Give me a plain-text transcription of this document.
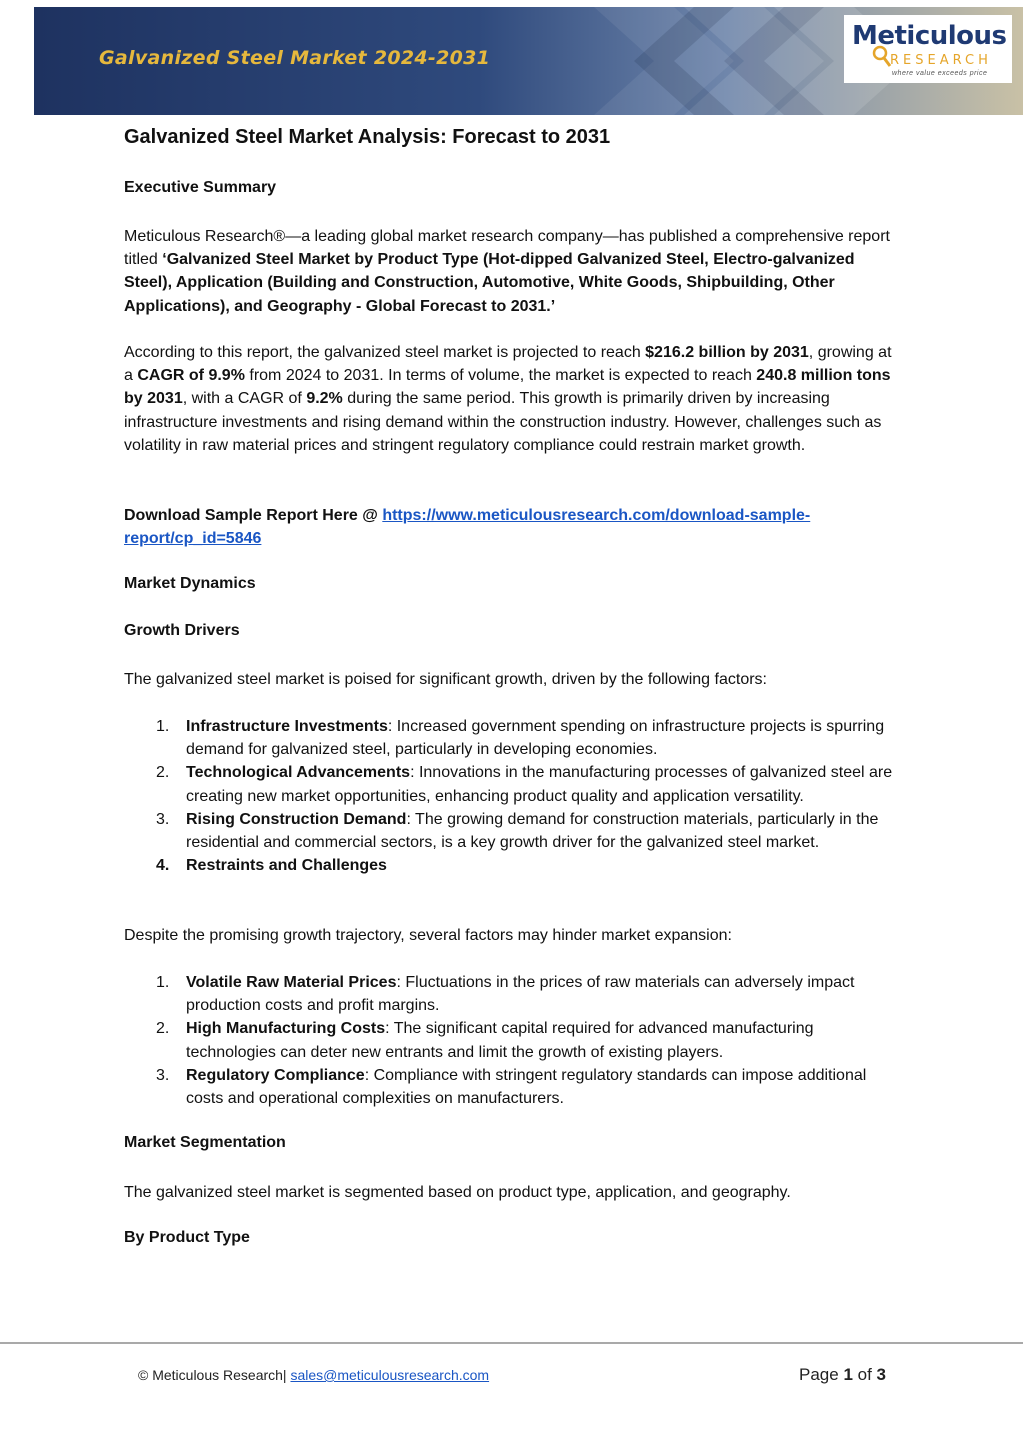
Galvanized Steel Market 2024-2031
Meticulous
RESEARCH
where value exceeds price
Galvanized Steel Market Analysis: Forecast to 2031
Executive Summary

Meticulous Research®—a leading global market research company—has published a comprehensive report titled ‘Galvanized Steel Market by Product Type (Hot-dipped Galvanized Steel, Electro-galvanized Steel), Application (Building and Construction, Automotive, White Goods, Shipbuilding, Other Applications), and Geography - Global Forecast to 2031.’

According to this report, the galvanized steel market is projected to reach $216.2 billion by 2031, growing at a CAGR of 9.9% from 2024 to 2031. In terms of volume, the market is expected to reach 240.8 million tons by 2031, with a CAGR of 9.2% during the same period. This growth is primarily driven by increasing infrastructure investments and rising demand within the construction industry. However, challenges such as volatility in raw material prices and stringent regulatory compliance could restrain market growth.

Download Sample Report Here @ https://www.meticulousresearch.com/download-sample-report/cp_id=5846

Market Dynamics
Growth Drivers

The galvanized steel market is poised for significant growth, driven by the following factors:

1. Infrastructure Investments: Increased government spending on infrastructure projects is spurring demand for galvanized steel, particularly in developing economies.
2. Technological Advancements: Innovations in the manufacturing processes of galvanized steel are creating new market opportunities, enhancing product quality and application versatility.
3. Rising Construction Demand: The growing demand for construction materials, particularly in the residential and commercial sectors, is a key growth driver for the galvanized steel market.
4. Restraints and Challenges

Despite the promising growth trajectory, several factors may hinder market expansion:

1. Volatile Raw Material Prices: Fluctuations in the prices of raw materials can adversely impact production costs and profit margins.
2. High Manufacturing Costs: The significant capital required for advanced manufacturing technologies can deter new entrants and limit the growth of existing players.
3. Regulatory Compliance: Compliance with stringent regulatory standards can impose additional costs and operational complexities on manufacturers.
Market Segmentation

The galvanized steel market is segmented based on product type, application, and geography.

By Product Type
© Meticulous Research| sales@meticulousresearch.com	Page 1 of 3
